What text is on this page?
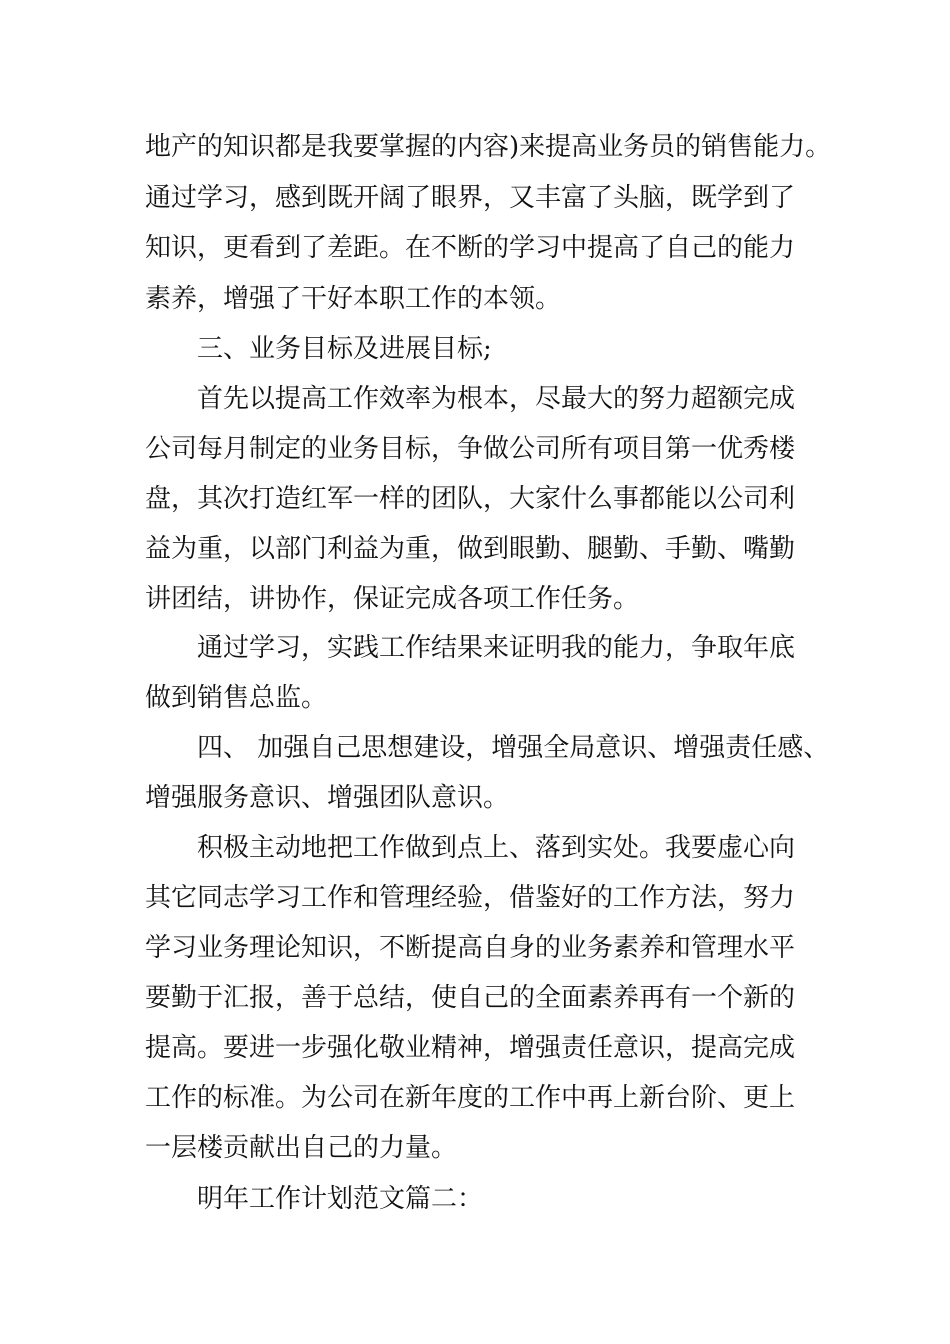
地产的知识都是我要掌握的内容)来提高业务员的销售能力。
通过学习，感到既开阔了眼界，又丰富了头脑，既学到了
知识，更看到了差距。在不断的学习中提高了自己的能力
素养，增强了干好本职工作的本领。
三、业务目标及进展目标;
首先以提高工作效率为根本，尽最大的努力超额完成
公司每月制定的业务目标，争做公司所有项目第一优秀楼
盘，其次打造红军一样的团队，大家什么事都能以公司利
益为重，以部门利益为重，做到眼勤、腿勤、手勤、嘴勤
讲团结，讲协作，保证完成各项工作任务。
通过学习，实践工作结果来证明我的能力，争取年底
做到销售总监。
四、 加强自己思想建设，增强全局意识、增强责任感、
增强服务意识、增强团队意识。
积极主动地把工作做到点上、落到实处。我要虚心向
其它同志学习工作和管理经验，借鉴好的工作方法，努力
学习业务理论知识，不断提高自身的业务素养和管理水平
要勤于汇报，善于总结，使自己的全面素养再有一个新的
提高。要进一步强化敬业精神，增强责任意识，提高完成
工作的标准。为公司在新年度的工作中再上新台阶、更上
一层楼贡献出自己的力量。
明年工作计划范文篇二：
